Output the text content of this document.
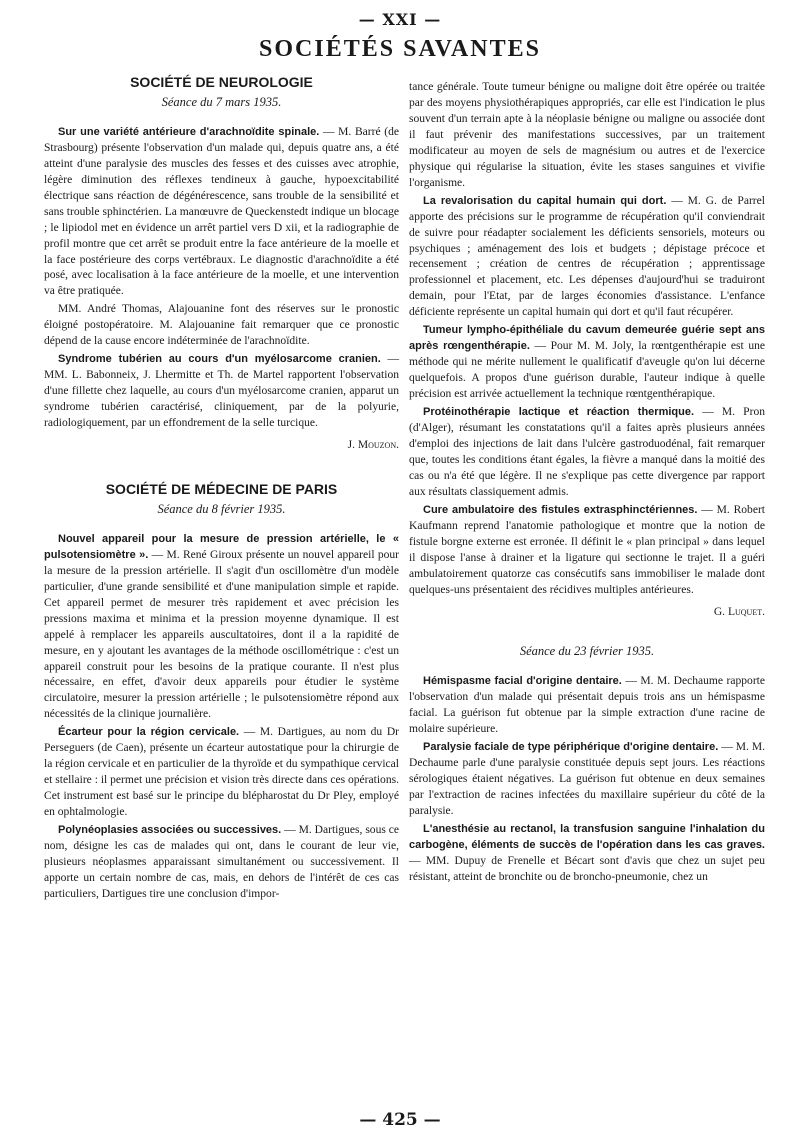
— XXI —
SOCIÉTÉS SAVANTES
SOCIÉTÉ DE NEUROLOGIE
Séance du 7 mars 1935.

Sur une variété antérieure d'arachnoïdite spinale. — M. Barré (de Strasbourg) présente l'observation d'un malade qui, depuis quatre ans, a été atteint d'une paralysie des muscles des fesses et des cuisses avec atrophie, légère diminution des réflexes tendineux à gauche, hypoexcitabilité électrique sans réaction de dégénérescence, sans trouble de la sensibilité et sans trouble sphinctérien. La manœuvre de Queckenstedt indique un blocage ; le lipiodol met en évidence un arrêt partiel vers D xii, et la radiographie de profil montre que cet arrêt se produit entre la face antérieure de la moelle et la face postérieure des corps vertébraux. Le diagnostic d'arachnoïdite a été posé, avec localisation à la face antérieure de la moelle, et une intervention va être pratiquée.

MM. André Thomas, Alajouanine font des réserves sur le pronostic éloigné postopératoire. M. Alajouanine fait remarquer que ce pronostic dépend de la cause encore indéterminée de l'arachnoïdite.

Syndrome tubérien au cours d'un myélosarcome cranien. — MM. L. Babonneix, J. Lhermitte et Th. de Martel rapportent l'observation d'une fillette chez laquelle, au cours d'un myélosarcome cranien, apparut un syndrome tubérien caractérisé, cliniquement, par de la polyurie, radiologiquement, par un effondrement de la selle turcique.

J. Mouzon.
SOCIÉTÉ DE MÉDECINE DE PARIS
Séance du 8 février 1935.

Nouvel appareil pour la mesure de pression artérielle, le « pulsotensiomètre ». — M. René Giroux présente un nouvel appareil pour la mesure de la pression artérielle. Il s'agit d'un oscillomètre d'un modèle particulier, d'une grande sensibilité et d'une manipulation simple et rapide. Cet appareil permet de mesurer très rapidement et avec précision les pressions maxima et minima et la pression moyenne dynamique. Il est appelé à remplacer les appareils auscultatoires, dont il a la rapidité de mesure, en y ajoutant les avantages de la méthode oscillométrique : c'est un appareil construit pour les besoins de la pratique courante. Il n'est plus nécessaire, en effet, d'avoir deux appareils pour étudier le système circulatoire, mesurer la pression artérielle ; le pulsotensiomètre répond aux nécessités de la clinique journalière.

Écarteur pour la région cervicale. — M. Dartigues, au nom du Dr Perseguers (de Caen), présente un écarteur autostatique pour la chirurgie de la région cervicale et en particulier de la thyroïde et du sympathique cervical et stellaire : il permet une précision et vision très directe dans ces opérations. Cet instrument est basé sur le principe du blépharostat du Dr Pley, employé en ophtalmologie.

Polynéoplasies associées ou successives. — M. Dartigues, sous ce nom, désigne les cas de malades qui ont, dans le courant de leur vie, plusieurs néoplasmes apparaissant simultanément ou successivement. Il apporte un certain nombre de cas, mais, en dehors de l'intérêt de ces cas particuliers, Dartigues tire une conclusion d'impor-

tance générale. Toute tumeur bénigne ou maligne doit être opérée ou traitée par des moyens physiothérapiques appropriés, car elle est l'indication le plus souvent d'un terrain apte à la néoplasie bénigne ou maligne ou associée dont il faut prévenir des manifestations successives, par un traitement modificateur au moyen de sels de magnésium ou autres et de l'exercice physique qui régularise la situation, évite les stases sanguines et vivifie l'organisme.

La revalorisation du capital humain qui dort. — M. G. de Parrel apporte des précisions sur le programme de récupération qu'il conviendrait de suivre pour réadapter socialement les déficients sensoriels, moteurs ou psychiques ; aménagement des lois et budgets ; dépistage précoce et recensement ; création de centres de récupération ; apprentissage professionnel et placement, etc. Les dépenses d'aujourd'hui se traduiront demain, pour l'Etat, par de larges économies d'assistance. L'enfance déficiente représente un capital humain qui dort et qu'il faut récupérer.

Tumeur lympho-épithéliale du cavum demeurée guérie sept ans après rœngenthérapie. — Pour M. M. Joly, la rœntgenthérapie est une méthode qui ne mérite nullement le qualificatif d'aveugle qu'on lui décerne quelquefois. A propos d'une guérison durable, l'auteur indique à quelle précision est arrivée actuellement la technique rœntgenthérapique.

Protéinothérapie lactique et réaction thermique. — M. Pron (d'Alger), résumant les constatations qu'il a faites après plusieurs années d'emploi des injections de lait dans l'ulcère gastroduodénal, fait remarquer que, toutes les conditions étant égales, la fièvre a manqué dans la moitié des cas ou n'a été que légère. Il ne s'explique pas cette divergence par rapport aux résultats classiquement admis.

Cure ambulatoire des fistules extrasphinctériennes. — M. Robert Kaufmann reprend l'anatomie pathologique et montre que la notion de fistule borgne externe est erronée. Il définit le « plan principal » dans lequel il dispose l'anse à drainer et la ligature qui sectionne le trajet. Il a guéri ambulatoirement quatorze cas consécutifs sans immobiliser le malade dont quelques-uns présentaient des récidives multiples antérieures.

G. Luquet.
Séance du 23 février 1935.

Hémispasme facial d'origine dentaire. — M. M. Dechaume rapporte l'observation d'un malade qui présentait depuis trois ans un hémispasme facial. La guérison fut obtenue par la simple extraction d'une racine de molaire supérieure.

Paralysie faciale de type périphérique d'origine dentaire. — M. M. Dechaume parle d'une paralysie constituée depuis sept jours. Les réactions sérologiques étaient négatives. La guérison fut obtenue en deux semaines par l'extraction de racines infectées du maxillaire supérieur du côté de la paralysie.

L'anesthésie au rectanol, la transfusion sanguine l'inhalation du carbogène, éléments de succès de l'opération dans les cas graves. — MM. Dupuy de Frenelle et Bécart sont d'avis que chez un sujet peu résistant, atteint de bronchite ou de broncho-pneumonie, chez un

— 425 —
